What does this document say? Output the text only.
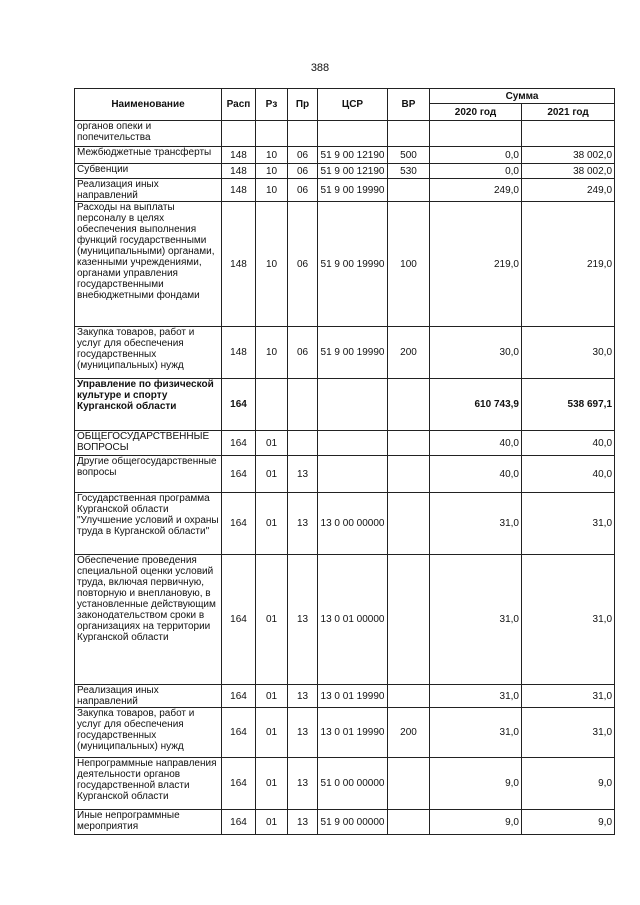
388
Наименование	Расп	Рз	Пр	ЦСР	ВР	Сумма	
						2020 год	2021 год
органов опеки и попечительства							
Межбюджетные трансферты	148	10	06	51 9 00 12190	500	0,0	38 002,0
Субвенции	148	10	06	51 9 00 12190	530	0,0	38 002,0
Реализация иных направлений	148	10	06	51 9 00 19990		249,0	249,0
Расходы на выплаты персоналу в целях обеспечения выполнения функций государственными (муниципальными) органами, казенными учреждениями, органами управления государственными внебюджетными фондами	148	10	06	51 9 00 19990	100	219,0	219,0
Закупка товаров, работ и услуг для обеспечения государственных (муниципальных) нужд	148	10	06	51 9 00 19990	200	30,0	30,0
Управление по физической культуре и спорту Курганской области	164					610 743,9	538 697,1
ОБЩЕГОСУДАРСТВЕННЫЕ ВОПРОСЫ	164	01				40,0	40,0
Другие общегосударственные вопросы	164	01	13			40,0	40,0
Государственная программа Курганской области "Улучшение условий и охраны труда в Курганской области"	164	01	13	13 0 00 00000		31,0	31,0
Обеспечение проведения специальной оценки условий труда, включая первичную, повторную и внеплановую, в установленные действующим законодательством сроки в организациях на территории Курганской области	164	01	13	13 0 01 00000		31,0	31,0
Реализация иных направлений	164	01	13	13 0 01 19990		31,0	31,0
Закупка товаров, работ и услуг для обеспечения государственных (муниципальных) нужд	164	01	13	13 0 01 19990	200	31,0	31,0
Непрограммные направления деятельности органов государственной власти Курганской области	164	01	13	51 0 00 00000		9,0	9,0
Иные непрограммные мероприятия	164	01	13	51 9 00 00000		9,0	9,0
